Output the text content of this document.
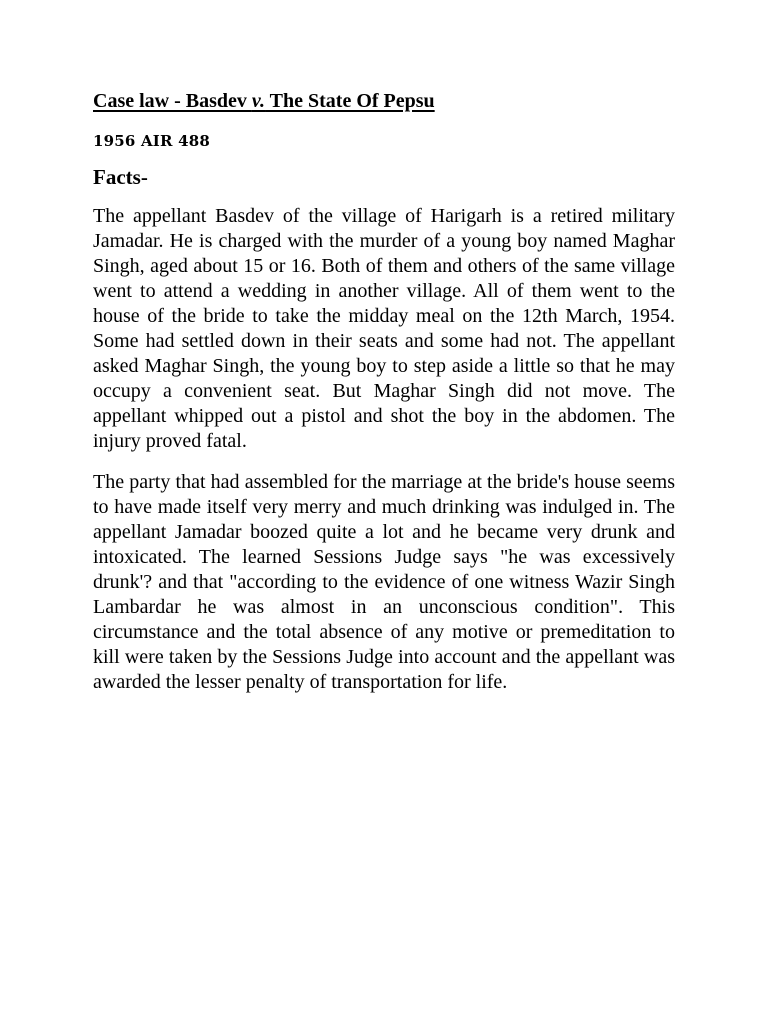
Case law - Basdev v. The State Of Pepsu

1956 AIR 488

Facts-

The appellant Basdev of the village of Harigarh is a retired military Jamadar. He is charged with the murder of a young boy named Maghar Singh, aged about 15 or 16. Both of them and others of the same village went to attend a wedding in another village. All of them went to the house of the bride to take the midday meal on the 12th March, 1954. Some had settled down in their seats and some had not. The appellant asked Maghar Singh, the young boy to step aside a little so that he may occupy a convenient seat. But Maghar Singh did not move. The appellant whipped out a pistol and shot the boy in the abdomen. The injury proved fatal.

The party that had assembled for the marriage at the bride's house seems to have made itself very merry and much drinking was indulged in. The appellant Jamadar boozed quite a lot and he became very drunk and intoxicated. The learned Sessions Judge says "he was excessively drunk'? and that "according to the evidence of one witness Wazir Singh Lambardar he was almost in an unconscious condition". This circumstance and the total absence of any motive or premeditation to kill were taken by the Sessions Judge into account and the appellant was awarded the lesser penalty of transportation for life.
